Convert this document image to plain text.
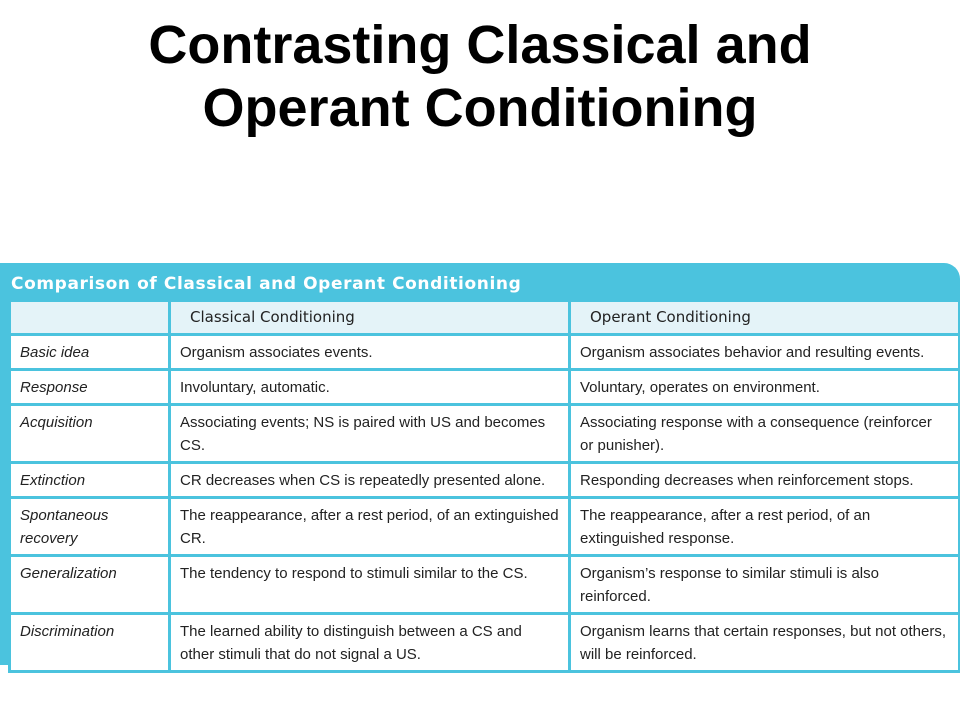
Contrasting Classical and
Operant Conditioning
Comparison of Classical and Operant Conditioning
	Classical Conditioning	Operant Conditioning
Basic idea	Organism associates events.	Organism associates behavior and resulting events.
Response	Involuntary, automatic.	Voluntary, operates on environment.
Acquisition	Associating events; NS is paired with US and becomes CS.	Associating response with a consequence (reinforcer or punisher).
Extinction	CR decreases when CS is repeatedly presented alone.	Responding decreases when reinforcement stops.
Spontaneous recovery	The reappearance, after a rest period, of an extinguished CR.	The reappearance, after a rest period, of an extinguished response.
Generalization	The tendency to respond to stimuli similar to the CS.	Organism’s response to similar stimuli is also reinforced.
Discrimination	The learned ability to distinguish between a CS and other stimuli that do not signal a US.	Organism learns that certain responses, but not others, will be reinforced.
